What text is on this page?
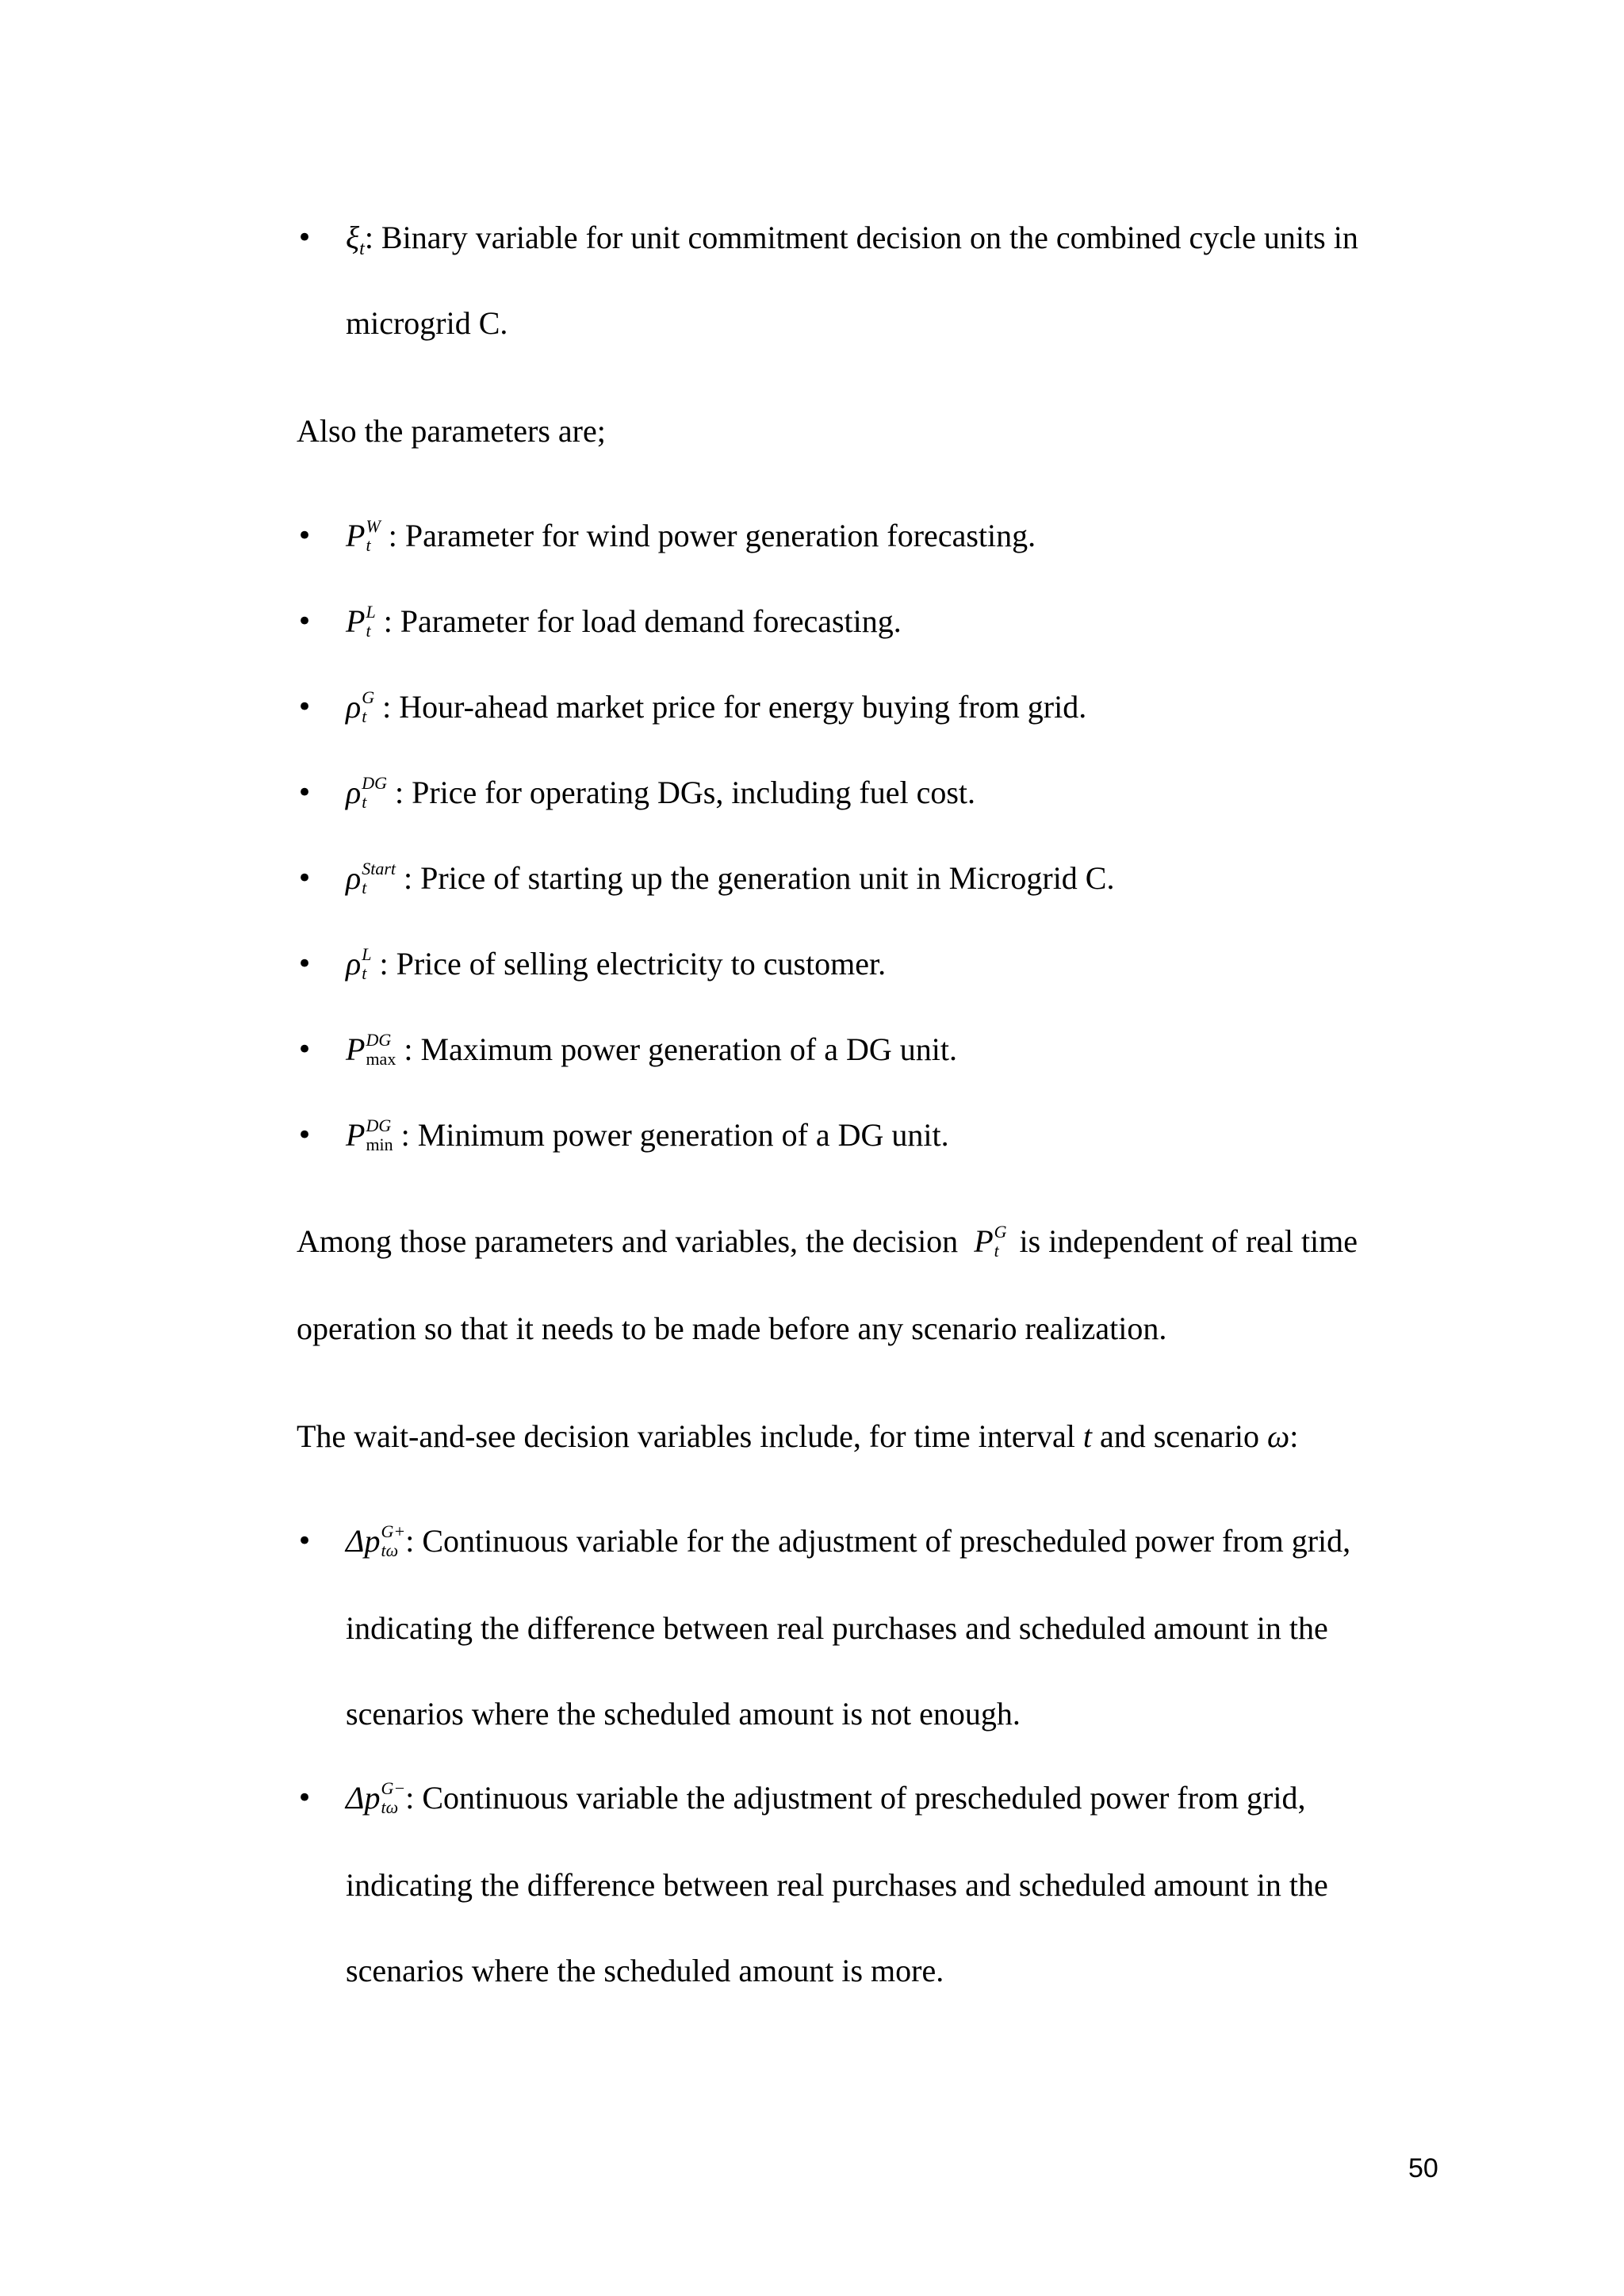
• $\xi_t$: Binary variable for unit commitment decision on the combined cycle units in
microgrid C.
Also the parameters are;
• P W
t : Parameter for wind power generation forecasting.
• P L
t : Parameter for load demand forecasting.
• ρ G
t : Hour-ahead market price for energy buying from grid.
• ρ DG
t : Price for operating DGs, including fuel cost.
• ρ Start
t	: Price of starting up the generation unit in Microgrid C.
• ρ L
t : Price of selling electricity to customer.
• P DG
max : Maximum power generation of a DG unit.
• P DG
min : Minimum power generation of a DG unit.
Among those parameters and variables, the decision P G
t is independent of real time
operation so that it needs to be made before any scenario realization.
The wait-and-see decision variables include, for time interval t and scenario ω:
• Δp G+
tω : Continuous variable for the adjustment of prescheduled power from grid,
indicating the difference between real purchases and scheduled amount in the
scenarios where the scheduled amount is not enough.
• Δp G−
tω : Continuous variable the adjustment of prescheduled power from grid,
indicating the difference between real purchases and scheduled amount in the
scenarios where the scheduled amount is more.
50
